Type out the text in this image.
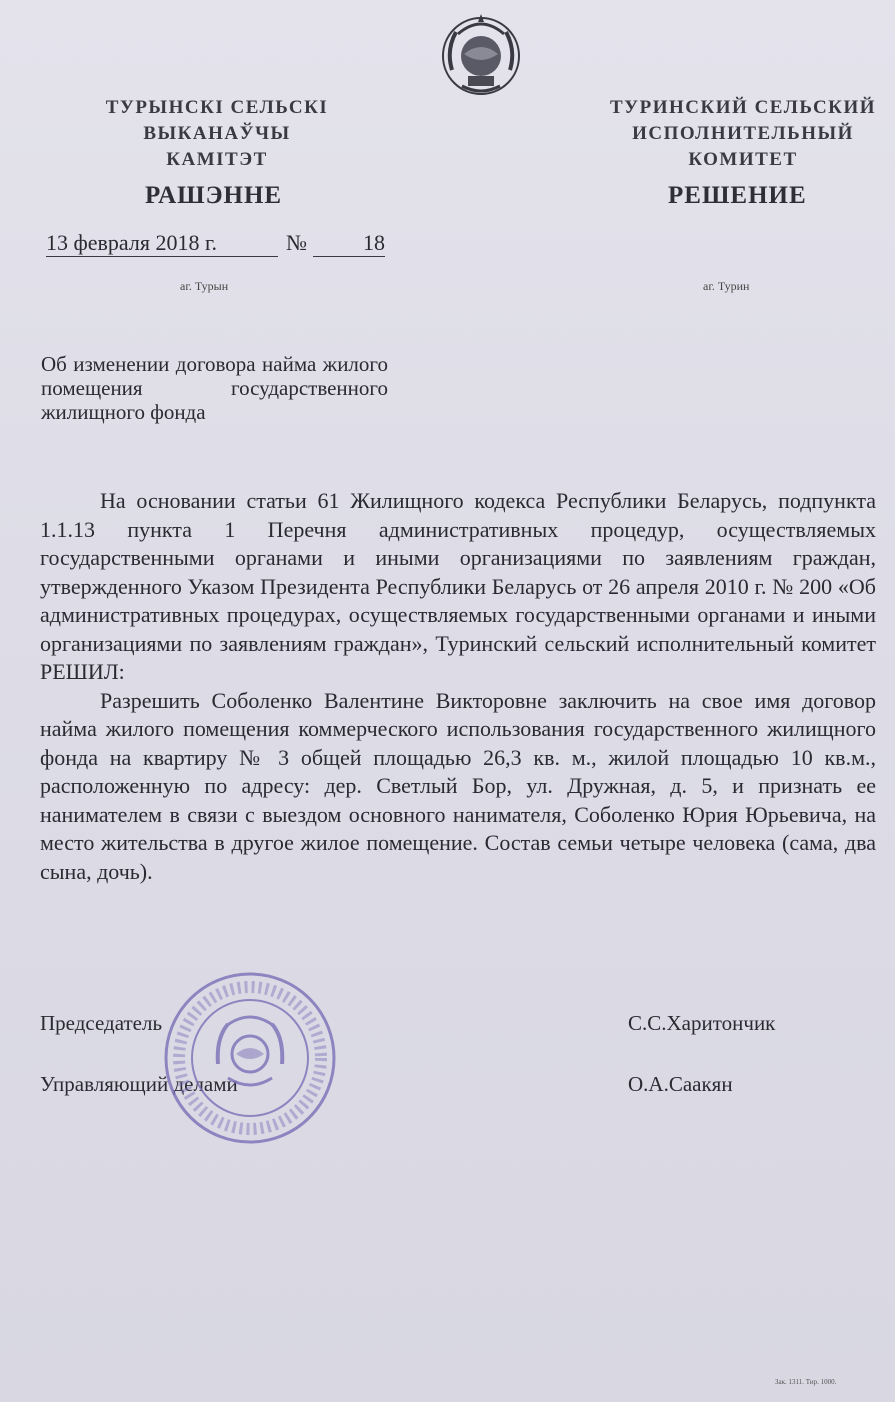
ТУРЫНСКІ СЕЛЬСКІ
ВЫКАНАЎЧЫ
КАМІТЭТ
ТУРИНСКИЙ СЕЛЬСКИЙ
ИСПОЛНИТЕЛЬНЫЙ
КОМИТЕТ
РАШЭННЕ	РЕШЕНИЕ
13 февраля 2018 г.	№	18
аг. Турын	аг. Турин
Об изменении договора найма жилого помещения государственного жилищного фонда

На основании статьи 61 Жилищного кодекса Республики Беларусь, подпункта 1.1.13 пункта 1 Перечня административных процедур, осуществляемых государственными органами и иными организациями по заявлениям граждан, утвержденного Указом Президента Республики Беларусь от 26 апреля 2010 г. № 200 «Об административных процедурах, осуществляемых государственными органами и иными организациями по заявлениям граждан», Туринский сельский исполнительный комитет РЕШИЛ:

Разрешить Соболенко Валентине Викторовне заключить на свое имя договор найма жилого помещения коммерческого использования государственного жилищного фонда на квартиру № 3 общей площадью 26,3 кв. м., жилой площадью 10 кв.м., расположенную по адресу: дер. Светлый Бор, ул. Дружная, д. 5, и признать ее нанимателем в связи с выездом основного нанимателя, Соболенко Юрия Юрьевича, на место жительства в другое жилое помещение. Состав семьи четыре человека (сама, два сына, дочь).

Председатель	С.С.Харитончик
Управляющий делами	О.А.Саакян
Зак. 1311. Тир. 1000.
